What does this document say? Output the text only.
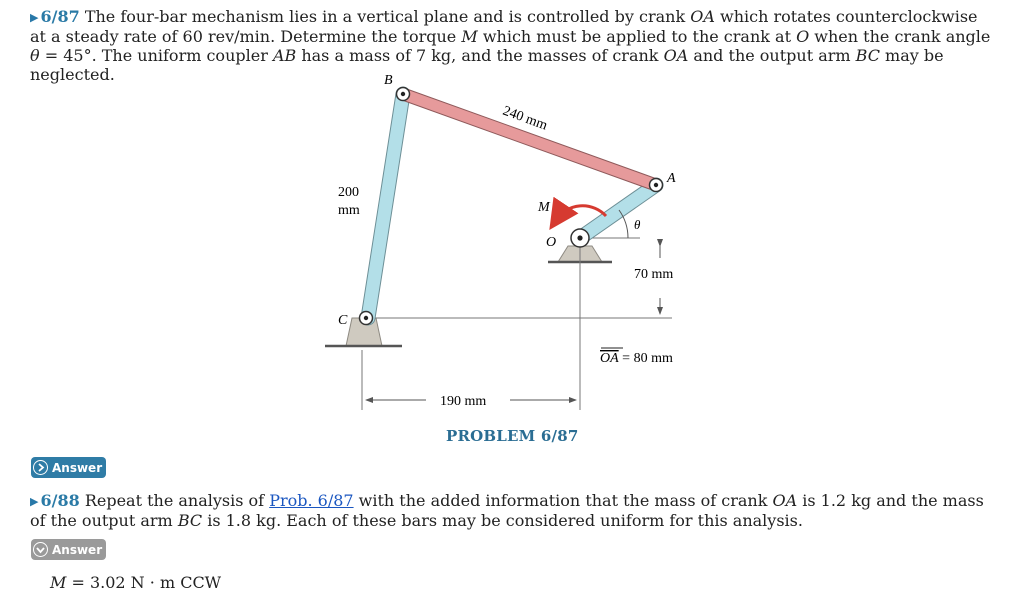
▶ 6/87 The four-bar mechanism lies in a vertical plane and is controlled by crank OA which rotates counterclockwise at a steady rate of 60 rev/min. Determine the torque M which must be applied to the crank at O when the crank angle θ = 45°. The uniform coupler AB has a mass of 7 kg, and the masses of crank OA and the output arm BC may be neglected.	B
A
C
O
M
θ
240 mm
200
mm
70 mm
OA = 80 mm
190 mm
PROBLEM 6/87
Answer
▶ 6/88 Repeat the analysis of Prob. 6/87 with the added information that the mass of crank OA is 1.2 kg and the mass of the output arm BC is 1.8 kg. Each of these bars may be considered uniform for this analysis.
Answer
M = 3.02 N · m CCW
